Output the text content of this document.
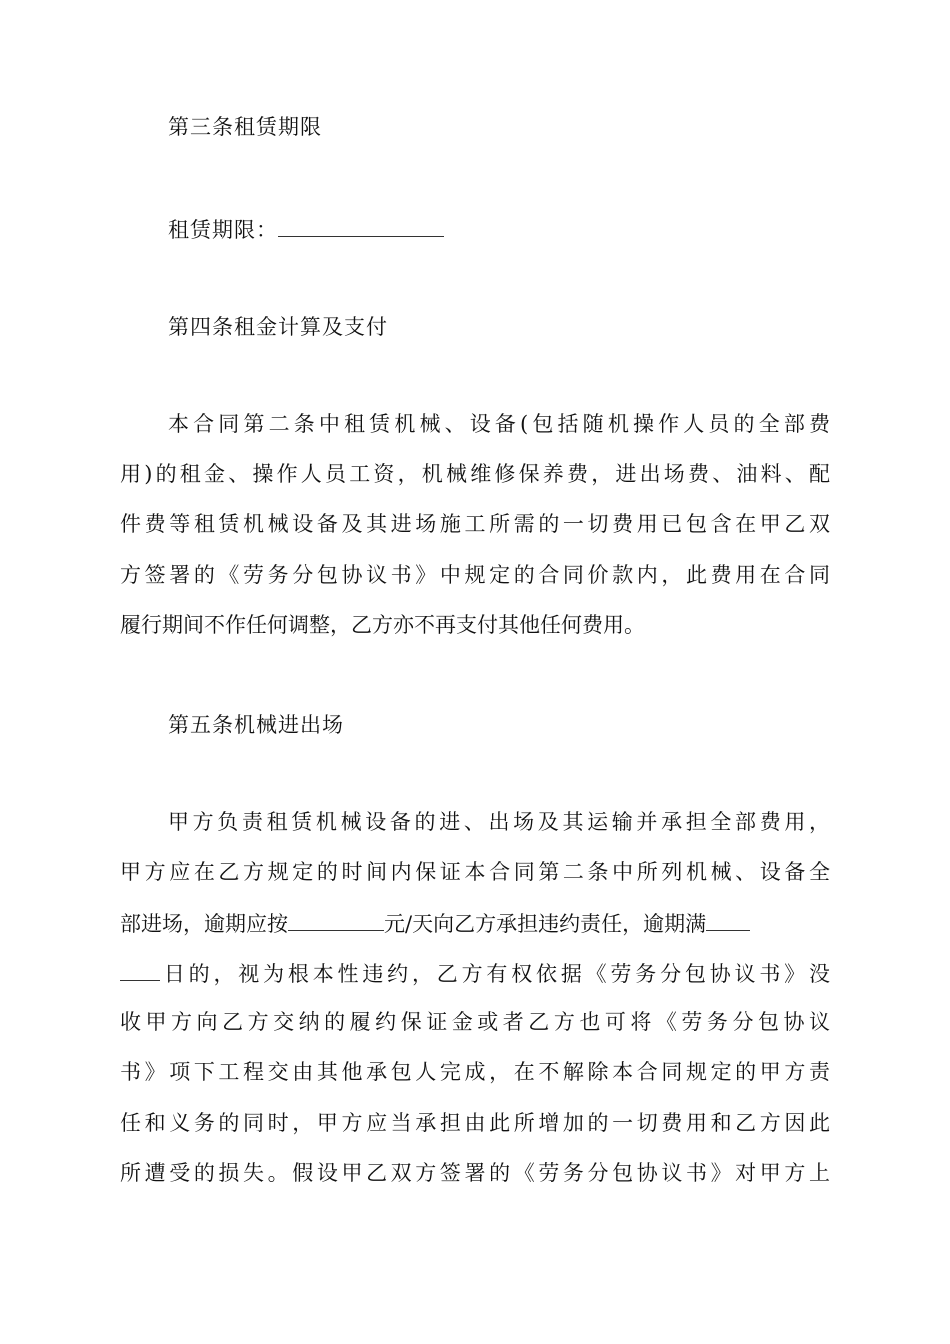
第三条租赁期限
租赁期限：
第四条租金计算及支付
本合同第二条中租赁机械、设备(包括随机操作人员的全部费
用)的租金、操作人员工资，机械维修保养费，进出场费、油料、配
件费等租赁机械设备及其进场施工所需的一切费用已包含在甲乙双
方签署的《劳务分包协议书》中规定的合同价款内，此费用在合同
履行期间不作任何调整，乙方亦不再支付其他任何费用。
第五条机械进出场
甲方负责租赁机械设备的进、出场及其运输并承担全部费用，
甲方应在乙方规定的时间内保证本合同第二条中所列机械、设备全
部进场，逾期应按	元/天向乙方承担违约责任，逾期满
日的，视为根本性违约，乙方有权依据《劳务分包协议书》没
收甲方向乙方交纳的履约保证金或者乙方也可将《劳务分包协议
书》项下工程交由其他承包人完成，在不解除本合同规定的甲方责
任和义务的同时，甲方应当承担由此所增加的一切费用和乙方因此
所遭受的损失。假设甲乙双方签署的《劳务分包协议书》对甲方上
